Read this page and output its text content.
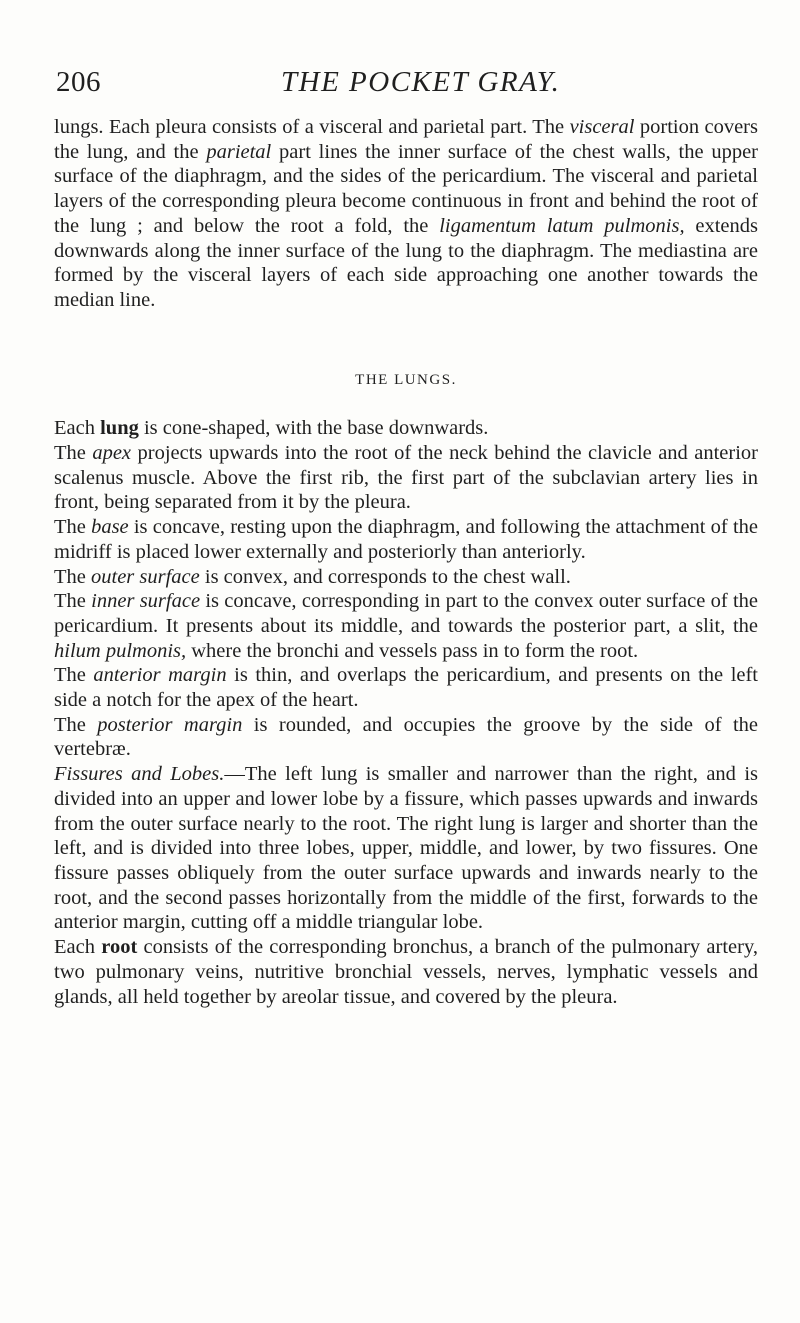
206	THE POCKET GRAY.

lungs. Each pleura consists of a visceral and parietal part. The visceral portion covers the lung, and the parietal part lines the inner surface of the chest walls, the upper surface of the diaphragm, and the sides of the pericardium. The visceral and parietal layers of the corresponding pleura become continuous in front and behind the root of the lung ; and below the root a fold, the ligamentum latum pulmonis, extends downwards along the inner surface of the lung to the diaphragm. The mediastina are formed by the visceral layers of each side approaching one another towards the median line.

THE LUNGS.

Each lung is cone-shaped, with the base downwards.

The apex projects upwards into the root of the neck behind the clavicle and anterior scalenus muscle. Above the first rib, the first part of the subclavian artery lies in front, being separated from it by the pleura.

The base is concave, resting upon the diaphragm, and following the attachment of the midriff is placed lower externally and posteriorly than anteriorly.

The outer surface is convex, and corresponds to the chest wall.

The inner surface is concave, corresponding in part to the convex outer surface of the pericardium. It presents about its middle, and towards the posterior part, a slit, the hilum pulmonis, where the bronchi and vessels pass in to form the root.

The anterior margin is thin, and overlaps the pericardium, and presents on the left side a notch for the apex of the heart.

The posterior margin is rounded, and occupies the groove by the side of the vertebræ.

Fissures and Lobes.—The left lung is smaller and narrower than the right, and is divided into an upper and lower lobe by a fissure, which passes upwards and inwards from the outer surface nearly to the root. The right lung is larger and shorter than the left, and is divided into three lobes, upper, middle, and lower, by two fissures. One fissure passes obliquely from the outer surface upwards and inwards nearly to the root, and the second passes horizontally from the middle of the first, forwards to the anterior margin, cutting off a middle triangular lobe.

Each root consists of the corresponding bronchus, a branch of the pulmonary artery, two pulmonary veins, nutritive bronchial vessels, nerves, lymphatic vessels and glands, all held together by areolar tissue, and covered by the pleura.
